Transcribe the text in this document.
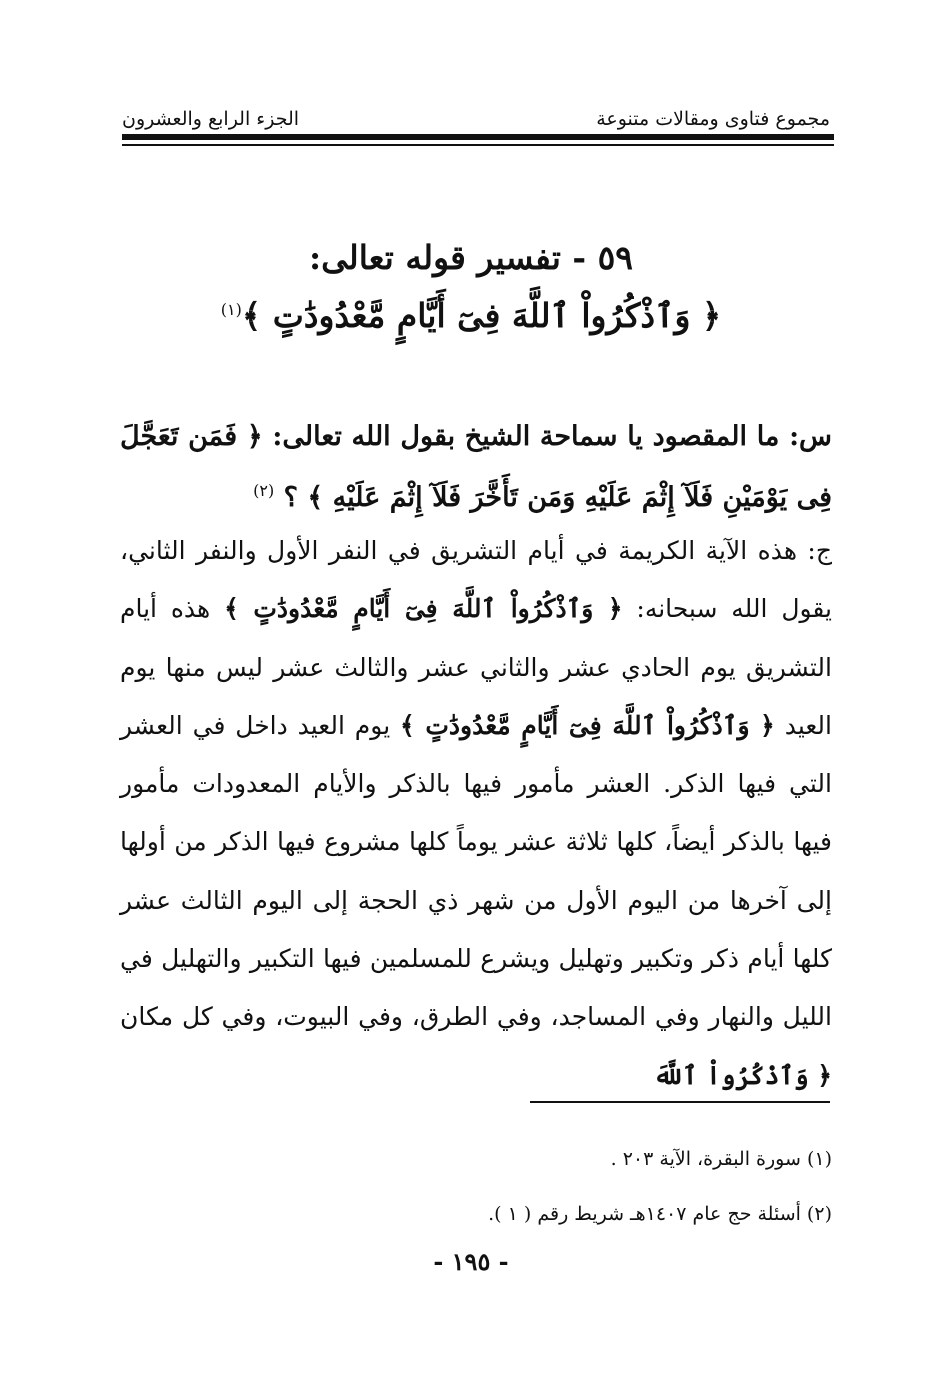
مجموع فتاوى ومقالات متنوعة
الجزء الرابع والعشرون
٥٩ - تفسير قوله تعالى:
﴿ وَٱذْكُرُواْ ٱللَّهَ فِىٓ أَيَّامٍ مَّعْدُودَٰتٍ ﴾$^{(١)}$
س: ما المقصود يا سماحة الشيخ بقول الله تعالى: ﴿ فَمَن تَعَجَّلَ فِى يَوْمَيْنِ فَلَآ إِثْمَ عَلَيْهِ وَمَن تَأَخَّرَ فَلَآ إِثْمَ عَلَيْهِ ﴾ ؟ $^{(٢)}$
ج: هذه الآية الكريمة في أيام التشريق في النفر الأول والنفر الثاني، يقول الله سبحانه: ﴿ وَٱذْكُرُواْ ٱللَّهَ فِىٓ أَيَّامٍ مَّعْدُودَٰتٍ ﴾ هذه أيام التشريق يوم الحادي عشر والثاني عشر والثالث عشر ليس منها يوم العيد ﴿ وَٱذْكُرُواْ ٱللَّهَ فِىٓ أَيَّامٍ مَّعْدُودَٰتٍ ﴾ يوم العيد داخل في العشر التي فيها الذكر. العشر مأمور فيها بالذكر والأيام المعدودات مأمور فيها بالذكر أيضاً، كلها ثلاثة عشر يوماً كلها مشروع فيها الذكر من أولها إلى آخرها من اليوم الأول من شهر ذي الحجة إلى اليوم الثالث عشر كلها أيام ذكر وتكبير وتهليل ويشرع للمسلمين فيها التكبير والتهليل في الليل والنهار وفي المساجد، وفي الطرق، وفي البيوت، وفي كل مكان ﴿ وَٱذْكُرُواْ ٱللَّهَ
(١) سورة البقرة، الآية ٢٠٣ .
(٢) أسئلة حج عام ١٤٠٧هـ شريط رقم ( ١ ).
- ١٩٥ -
